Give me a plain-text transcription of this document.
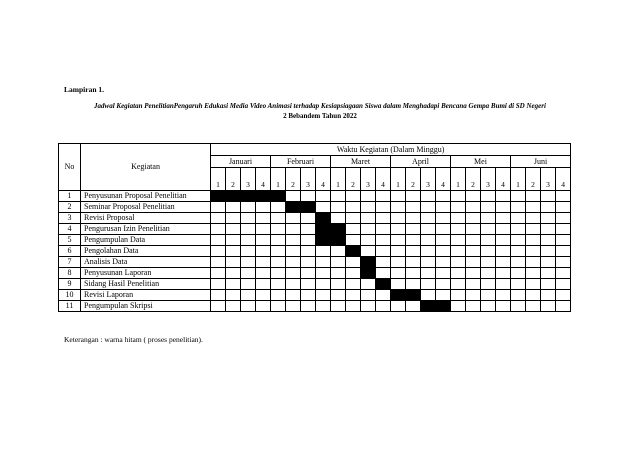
Lampiran 1.
Jadwal Kegiatan PenelitianPengaruh Edukasi Media Video Animasi terhadap Kesiapsiagaan Siswa dalam Menghadapi Bencana Gempa Bumi di SD Negeri
2 Bebandem Tahun 2022
No	Kegiatan	Waktu Kegiatan (Dalam Minggu)																							
		Januari				Februari				Maret				April				Mei				Juni			
		1	2	3	4	1	2	3	4	1	2	3	4	1	2	3	4	1	2	3	4	1	2	3	4
1	Penyusunan Proposal Penelitian																								
2	Seminar Proposal Penelitian																								
3	Revisi Proposal																								
4	Pengurusan Izin Penelitian																								
5	Pengumpulan Data																								
6	Pengolahan Data																								
7	Analisis Data																								
8	Penyusunan Laporan																								
9	Sidang Hasil Penelitian																								
10	Revisi Laporan																								
11	Pengumpulan Skripsi																								
Keterangan : warna hitam ( proses penelitian).
